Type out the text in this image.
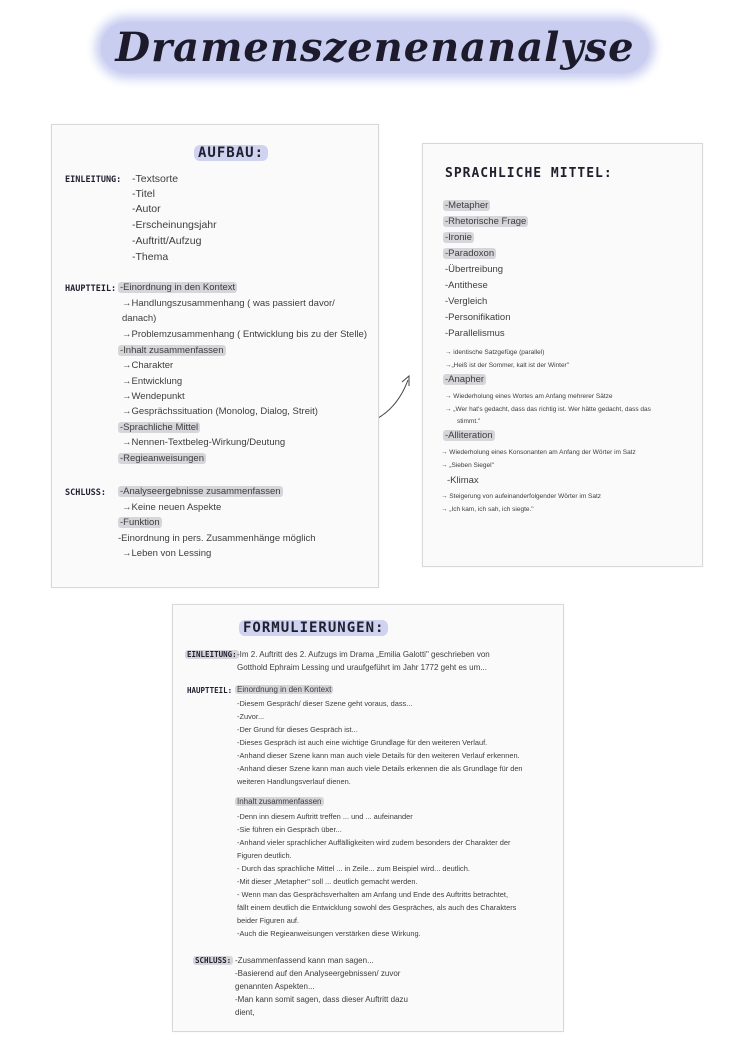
Dramenszenenanalyse
AUFBAU:
EINLEITUNG: -Textsorte
-Titel
-Autor
-Erscheinungsjahr
-Auftritt/Aufzug
-Thema
HAUPTTEIL: -Einordnung in den Kontext
→Handlungszusammenhang ( was passiert davor/
danach)
→Problemzusammenhang ( Entwicklung bis zu der Stelle)
-Inhalt zusammenfassen
→Charakter
→Entwicklung
→Wendepunkt
→Gesprächssituation (Monolog, Dialog, Streit)
-Sprachliche Mittel
→Nennen-Textbeleg-Wirkung/Deutung
-Regieanweisungen
SCHLUSS: -Analyseergebnisse zusammenfassen
→Keine neuen Aspekte
-Funktion
-Einordnung in pers. Zusammenhänge möglich
→Leben von Lessing
SPRACHLICHE MITTEL:
-Metapher
-Rhetorische Frage
-Ironie
-Paradoxon
-Übertreibung
-Antithese
-Vergleich
-Personifikation
-Parallelismus
→ identische Satzgefüge (parallel)
→„Heiß ist der Sommer, kalt ist der Winter"
-Anapher
→ Wiederholung eines Wortes am Anfang mehrerer Sätze
→ „Wer hat's gedacht, dass das richtig ist. Wer hätte gedacht, dass das
stimmt."
-Alliteration
→ Wiederholung eines Konsonanten am Anfang der Wörter im Satz
→ „Sieben Siegel"
-Klimax
→ Steigerung von aufeinanderfolgender Wörter im Satz
→ „Ich kam, ich sah, ich siegte."
FORMULIERUNGEN:
EINLEITUNG: -Im 2. Auftritt des 2. Aufzugs im Drama „Emilia Galotti" geschrieben von
Gotthold Ephraim Lessing und uraufgeführt im Jahr 1772 geht es um...
HAUPTTEIL: Einordnung in den Kontext
-Diesem Gespräch/ dieser Szene geht voraus, dass...
-Zuvor...
-Der Grund für dieses Gespräch ist...
-Dieses Gespräch ist auch eine wichtige Grundlage für den weiteren Verlauf.
-Anhand dieser Szene kann man auch viele Details für den weiteren Verlauf erkennen.
-Anhand dieser Szene kann man auch viele Details erkennen die als Grundlage für den
weiteren Handlungsverlauf dienen.
Inhalt zusammenfassen
-Denn inn diesem Auftritt treffen ... und ... aufeinander
-Sie führen ein Gespräch über...
-Anhand vieler sprachlicher Auffälligkeiten wird zudem besonders der Charakter der
Figuren deutlich.
- Durch das sprachliche Mittel ... in Zeile... zum Beispiel wird... deutlich.
-Mit dieser „Metapher" soll ... deutlich gemacht werden.
- Wenn man das Gesprächsverhalten am Anfang und Ende des Auftritts betrachtet,
fällt einem deutlich die Entwicklung sowohl des Gespräches, als auch des Charakters
beider Figuren auf.
-Auch die Regieanweisungen verstärken diese Wirkung.
SCHLUSS: -Zusammenfassend kann man sagen...
-Basierend auf den Analyseergebnissen/ zuvor
genannten Aspekten...
-Man kann somit sagen, dass dieser Auftritt dazu
dient,
